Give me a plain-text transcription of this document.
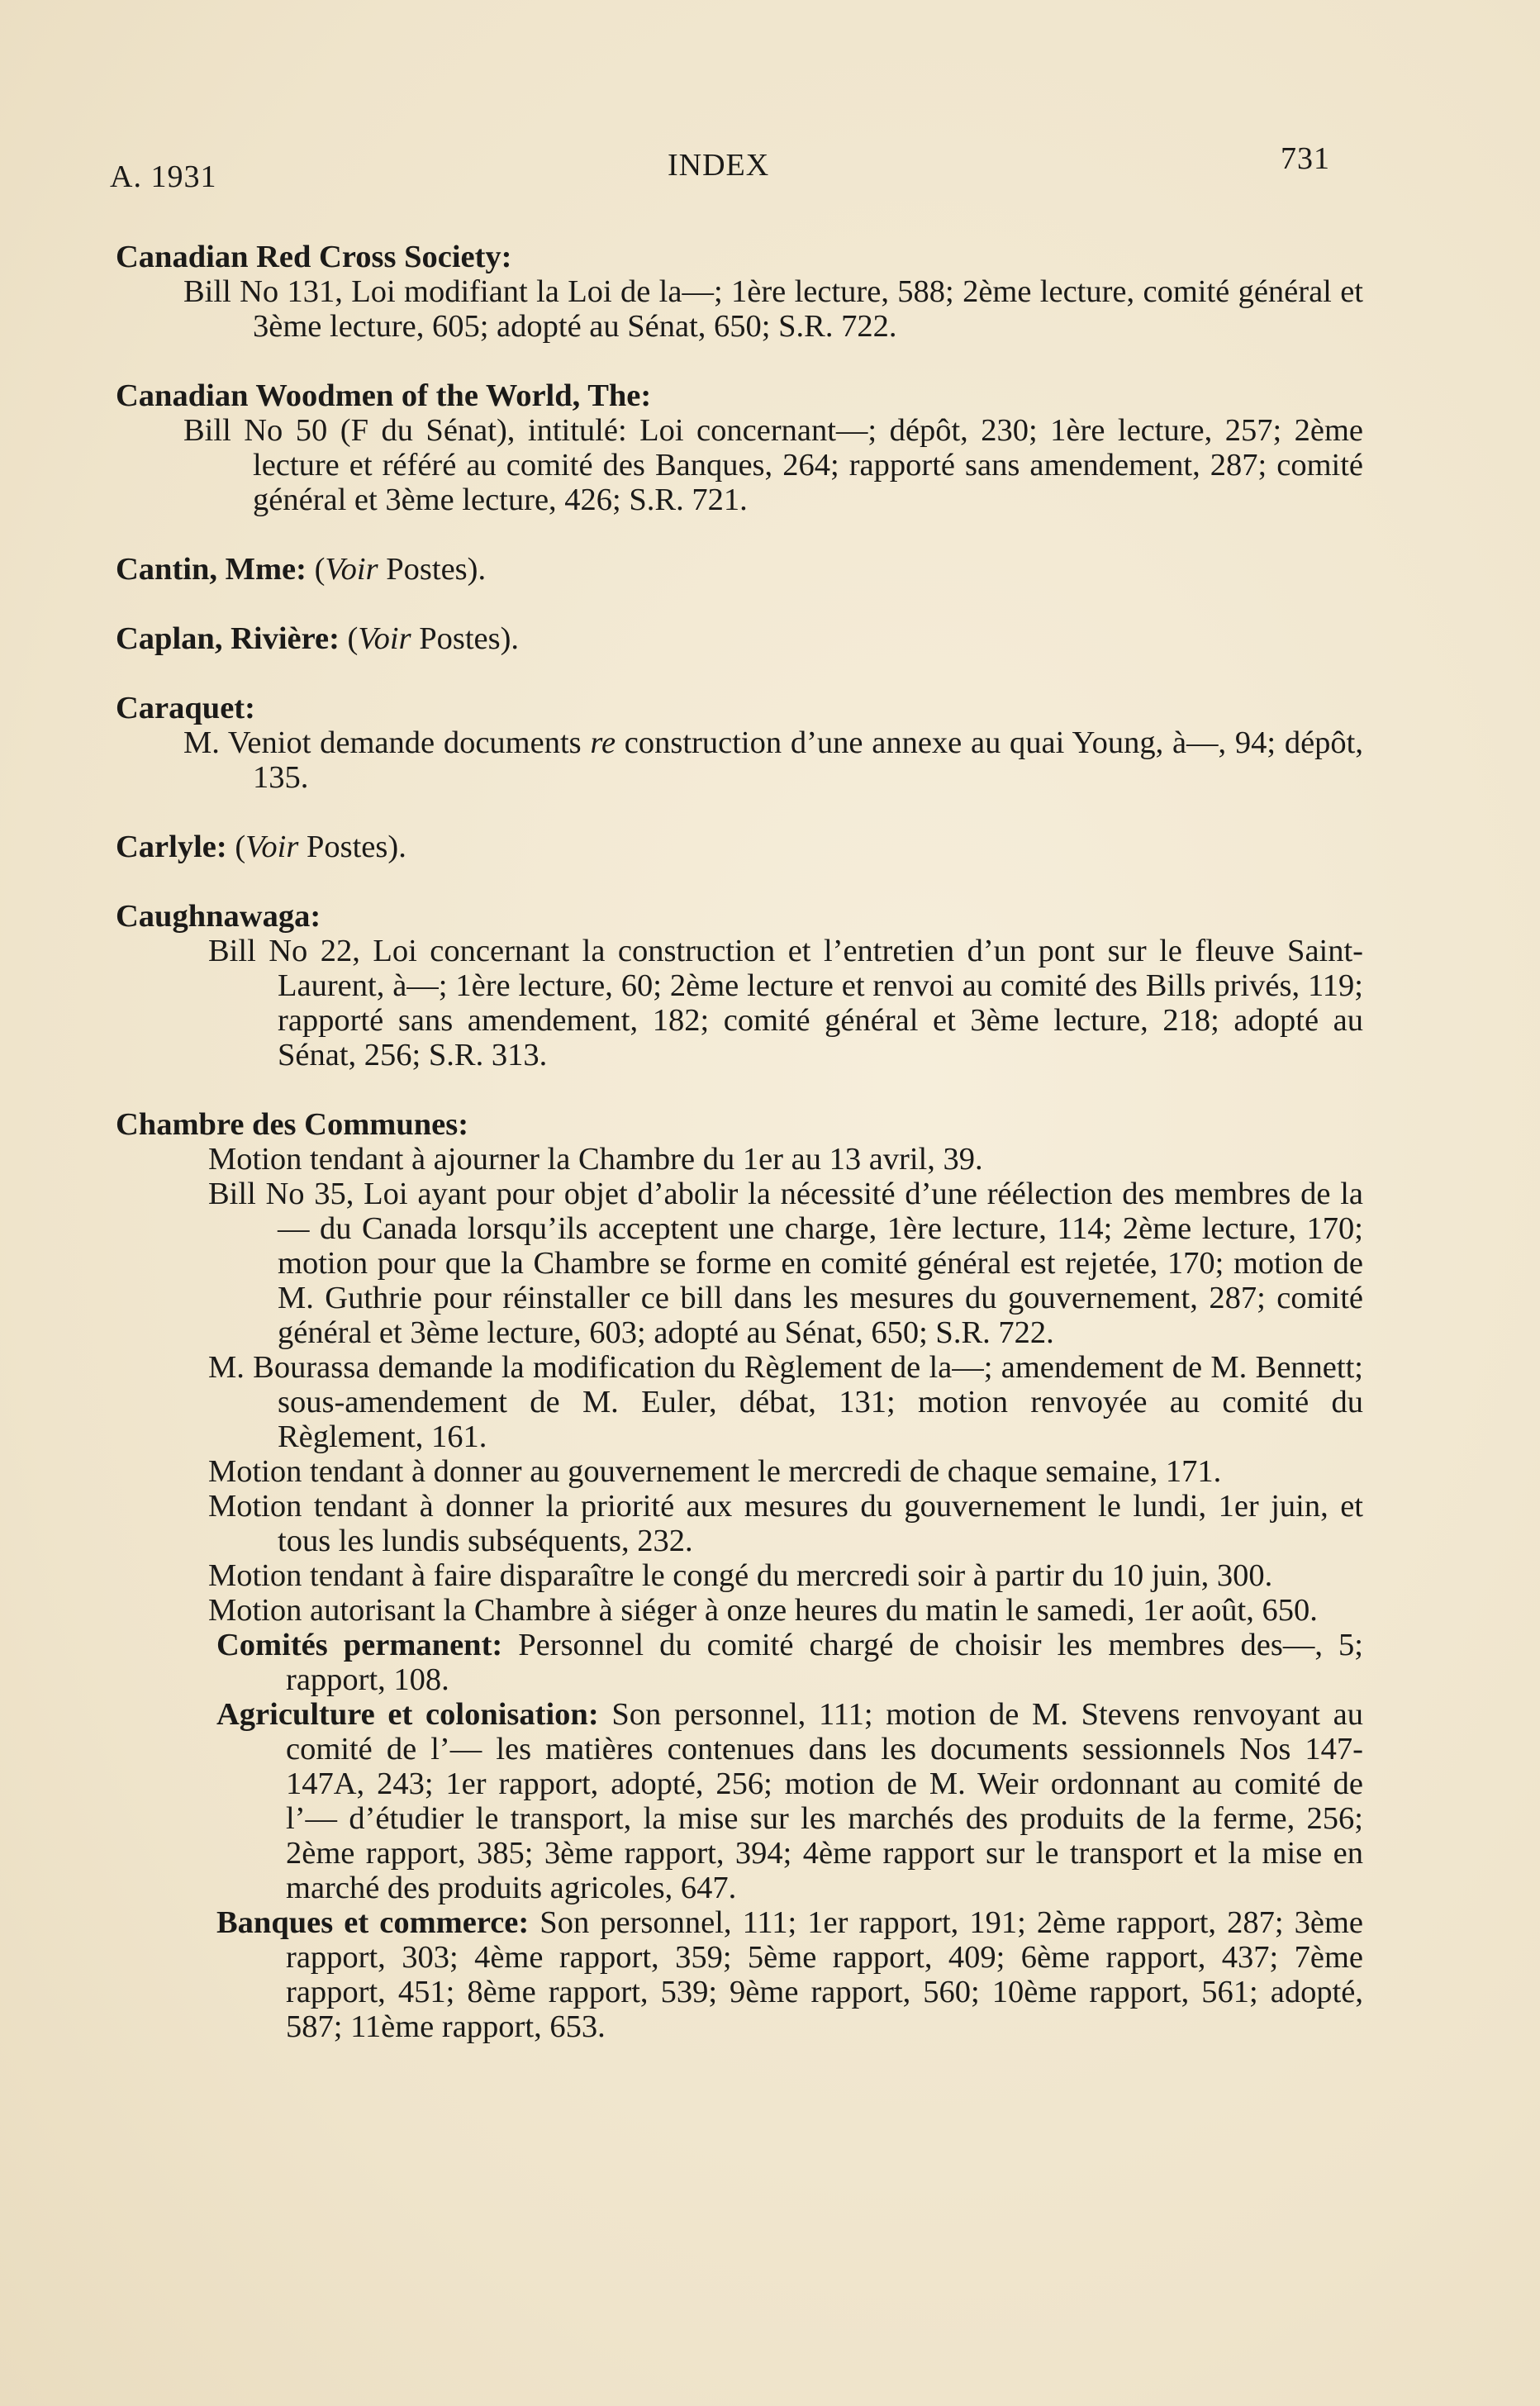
A. 1931	INDEX	731
Canadian Red Cross Society:
Bill No 131, Loi modifiant la Loi de la—; 1ère lecture, 588; 2ème lecture, comité général et 3ème lecture, 605; adopté au Sénat, 650; S.R. 722.
Canadian Woodmen of the World, The:
Bill No 50 (F du Sénat), intitulé: Loi concernant—; dépôt, 230; 1ère lecture, 257; 2ème lecture et référé au comité des Banques, 264; rapporté sans amendement, 287; comité général et 3ème lecture, 426; S.R. 721.
Cantin, Mme: (Voir Postes).
Caplan, Rivière: (Voir Postes).
Caraquet:
M. Veniot demande documents re construction d’une annexe au quai Young, à—, 94; dépôt, 135.
Carlyle: (Voir Postes).
Caughnawaga:
Bill No 22, Loi concernant la construction et l’entretien d’un pont sur le fleuve Saint-Laurent, à—; 1ère lecture, 60; 2ème lecture et renvoi au comité des Bills privés, 119; rapporté sans amendement, 182; comité général et 3ème lecture, 218; adopté au Sénat, 256; S.R. 313.
Chambre des Communes:
Motion tendant à ajourner la Chambre du 1er au 13 avril, 39.
Bill No 35, Loi ayant pour objet d’abolir la nécessité d’une réélection des membres de la— du Canada lorsqu’ils acceptent une charge, 1ère lecture, 114; 2ème lecture, 170; motion pour que la Chambre se forme en comité général est rejetée, 170; motion de M. Guthrie pour réinstaller ce bill dans les mesures du gouvernement, 287; comité général et 3ème lecture, 603; adopté au Sénat, 650; S.R. 722.
M. Bourassa demande la modification du Règlement de la—; amendement de M. Bennett; sous-amendement de M. Euler, débat, 131; motion renvoyée au comité du Règlement, 161.
Motion tendant à donner au gouvernement le mercredi de chaque semaine, 171.
Motion tendant à donner la priorité aux mesures du gouvernement le lundi, 1er juin, et tous les lundis subséquents, 232.
Motion tendant à faire disparaître le congé du mercredi soir à partir du 10 juin, 300.
Motion autorisant la Chambre à siéger à onze heures du matin le samedi, 1er août, 650.
Comités permanent: Personnel du comité chargé de choisir les membres des—, 5; rapport, 108.
Agriculture et colonisation: Son personnel, 111; motion de M. Stevens renvoyant au comité de l’— les matières contenues dans les documents sessionnels Nos 147-147A, 243; 1er rapport, adopté, 256; motion de M. Weir ordonnant au comité de l’— d’étudier le transport, la mise sur les marchés des produits de la ferme, 256; 2ème rapport, 385; 3ème rapport, 394; 4ème rapport sur le transport et la mise en marché des produits agricoles, 647.
Banques et commerce: Son personnel, 111; 1er rapport, 191; 2ème rapport, 287; 3ème rapport, 303; 4ème rapport, 359; 5ème rapport, 409; 6ème rapport, 437; 7ème rapport, 451; 8ème rapport, 539; 9ème rapport, 560; 10ème rapport, 561; adopté, 587; 11ème rapport, 653.
